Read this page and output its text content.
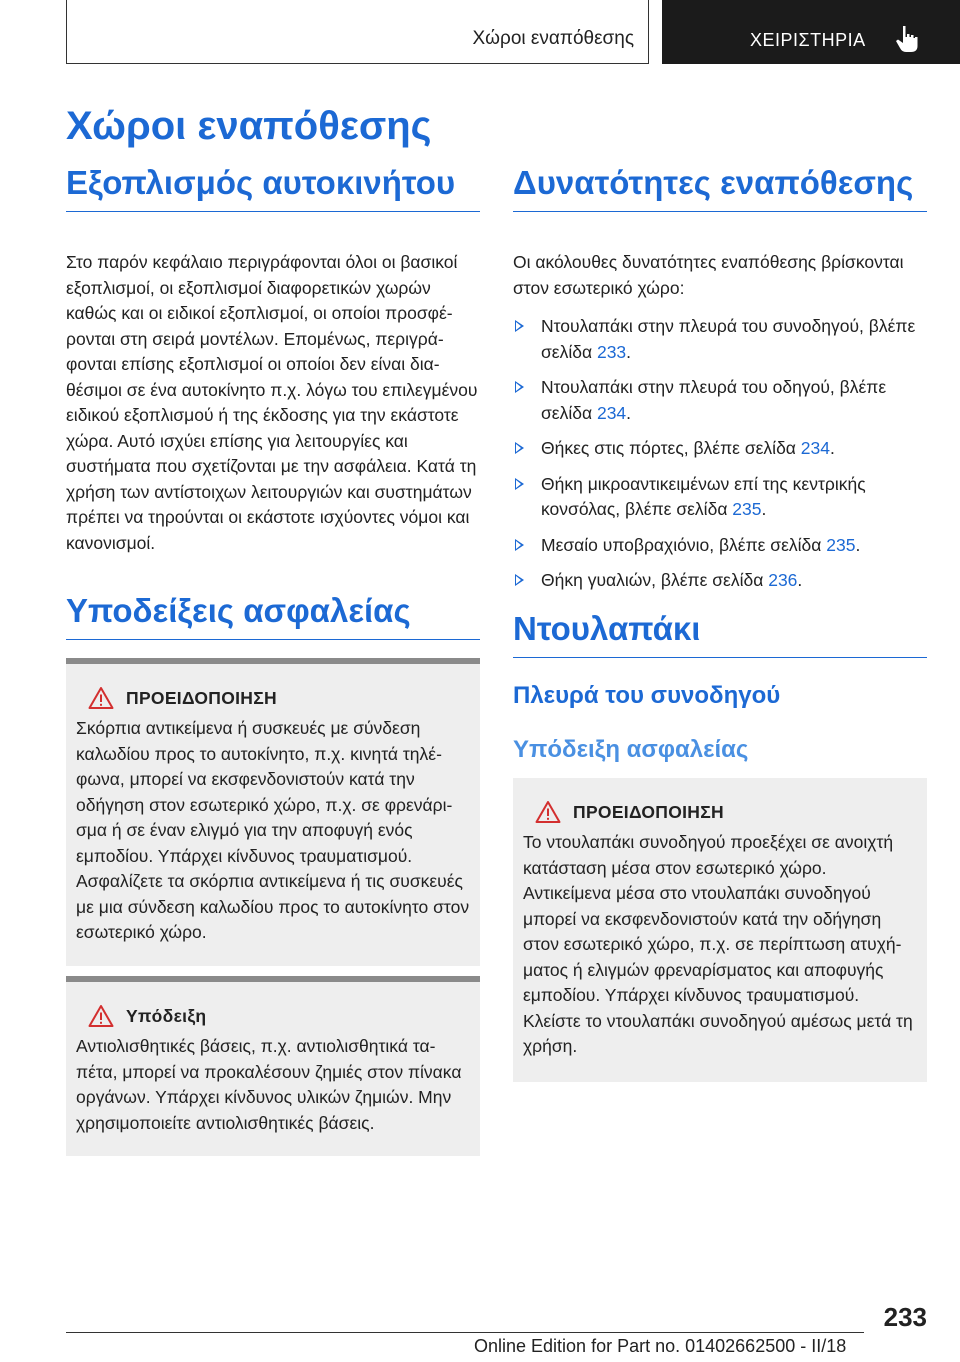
Χώροι εναπόθεσης	ΧΕΙΡΙΣΤΗΡΙΑ
Χώροι εναπόθεσης
Εξοπλισμός αυτοκινήτου

Στο παρόν κεφάλαιο περιγράφονται όλοι οι βασικοί εξοπλισμοί, οι εξοπλισμοί διαφορετικών χωρών καθώς και οι ειδικοί εξοπλισμοί, οι οποίοι προσφέρονται στη σειρά μοντέλων. Επομένως, περιγράφονται επίσης εξοπλισμοί οι οποίοι δεν είναι διαθέσιμοι σε ένα αυτοκίνητο π.χ. λόγω του επιλεγμένου ειδικού εξοπλισμού ή της έκδοσης για την εκάστοτε χώρα. Αυτό ισχύει επίσης για λειτουργίες και συστήματα που σχετίζονται με την ασφάλεια. Κατά τη χρήση των αντίστοιχων λειτουργιών και συστημάτων πρέπει να τηρούνται οι εκάστοτε ισχύοντες νόμοι και κανονισμοί.

Υποδείξεις ασφαλείας
ΠΡΟΕΙΔΟΠΟΙΗΣΗ

Σκόρπια αντικείμενα ή συσκευές με σύνδεση καλωδίου προς το αυτοκίνητο, π.χ. κινητά τηλέφωνα, μπορεί να εκσφενδονιστούν κατά την οδήγηση στον εσωτερικό χώρο, π.χ. σε φρενάρισμα ή σε έναν ελιγμό για την αποφυγή ενός εμποδίου. Υπάρχει κίνδυνος τραυματισμού. Ασφαλίζετε τα σκόρπια αντικείμενα ή τις συσκευές με μια σύνδεση καλωδίου προς το αυτοκίνητο στον εσωτερικό χώρο.

Υπόδειξη

Αντιολισθητικές βάσεις, π.χ. αντιολισθητικά ταπέτα, μπορεί να προκαλέσουν ζημιές στον πίνακα οργάνων. Υπάρχει κίνδυνος υλικών ζημιών. Μην χρησιμοποιείτε αντιολισθητικές βάσεις.

Δυνατότητες εναπόθεσης

Οι ακόλουθες δυνατότητες εναπόθεσης βρίσκονται στον εσωτερικό χώρο:

Ντουλαπάκι στην πλευρά του συνοδηγού, βλέπε σελίδα 233.
Ντουλαπάκι στην πλευρά του οδηγού, βλέπε σελίδα 234.
Θήκες στις πόρτες, βλέπε σελίδα 234.
Θήκη μικροαντικειμένων επί της κεντρικής κονσόλας, βλέπε σελίδα 235.
Μεσαίο υποβραχιόνιο, βλέπε σελίδα 235.
Θήκη γυαλιών, βλέπε σελίδα 236.
Ντουλαπάκι
Πλευρά του συνοδηγού
Υπόδειξη ασφαλείας
ΠΡΟΕΙΔΟΠΟΙΗΣΗ

Το ντουλαπάκι συνοδηγού προεξέχει σε ανοιχτή κατάσταση μέσα στον εσωτερικό χώρο. Αντικείμενα μέσα στο ντουλαπάκι συνοδηγού μπορεί να εκσφενδονιστούν κατά την οδήγηση στον εσωτερικό χώρο, π.χ. σε περίπτωση ατυχήματος ή ελιγμών φρεναρίσματος και αποφυγής εμποδίου. Υπάρχει κίνδυνος τραυματισμού. Κλείστε το ντουλαπάκι συνοδηγού αμέσως μετά τη χρήση.

233
Online Edition for Part no. 01402662500 - II/18
